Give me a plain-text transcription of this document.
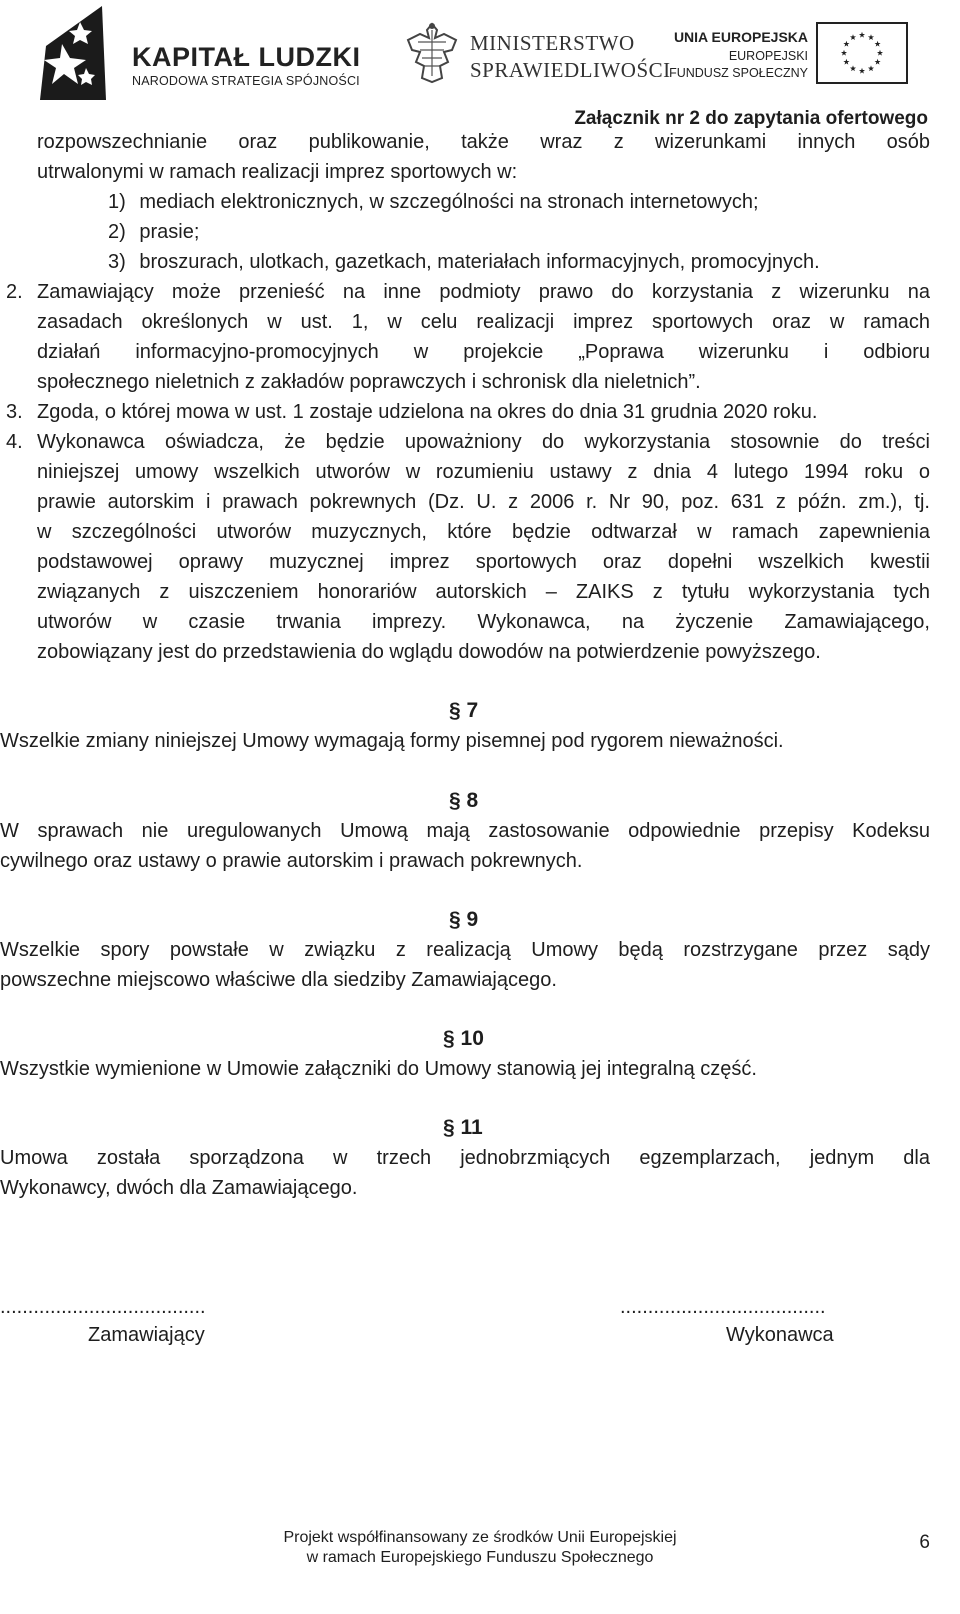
KAPITAŁ LUDZKI
NARODOWA STRATEGIA SPÓJNOŚCI
MINISTERSTWO
SPRAWIEDLIWOŚCI
UNIA EUROPEJSKA
EUROPEJSKI
FUNDUSZ SPOŁECZNY
Załącznik nr 2 do zapytania ofertowego
rozpowszechnianie oraz publikowanie, także wraz z wizerunkami innych osób
utrwalonymi w ramach realizacji imprez sportowych w:
1) mediach elektronicznych, w szczególności na stronach internetowych;
2) prasie;
3) broszurach, ulotkach, gazetkach, materiałach informacyjnych, promocyjnych.
2. Zamawiający może przenieść na inne podmioty prawo do korzystania z wizerunku na
zasadach określonych w ust. 1, w celu realizacji imprez sportowych oraz w ramach
działań informacyjno-promocyjnych w projekcie „Poprawa wizerunku i odbioru
społecznego nieletnich z zakładów poprawczych i schronisk dla nieletnich”.
3. Zgoda, o której mowa w ust. 1 zostaje udzielona na okres do dnia 31 grudnia 2020 roku.
4. Wykonawca oświadcza, że będzie upoważniony do wykorzystania stosownie do treści
niniejszej umowy wszelkich utworów w rozumieniu ustawy z dnia 4 lutego 1994 roku o
prawie autorskim i prawach pokrewnych (Dz. U. z 2006 r. Nr 90, poz. 631 z późn. zm.), tj.
w szczególności utworów muzycznych, które będzie odtwarzał w ramach zapewnienia
podstawowej oprawy muzycznej imprez sportowych oraz dopełni wszelkich kwestii
związanych z uiszczeniem honorariów autorskich – ZAIKS z tytułu wykorzystania tych
utworów w czasie trwania imprezy. Wykonawca, na życzenie Zamawiającego,
zobowiązany jest do przedstawienia do wglądu dowodów na potwierdzenie powyższego.
§ 7
Wszelkie zmiany niniejszej Umowy wymagają formy pisemnej pod rygorem nieważności.
§ 8
W sprawach nie uregulowanych Umową mają zastosowanie odpowiednie przepisy Kodeksu
cywilnego oraz ustawy o prawie autorskim i prawach pokrewnych.
§ 9
Wszelkie spory powstałe w związku z realizacją Umowy będą rozstrzygane przez sądy
powszechne miejscowo właściwe dla siedziby Zamawiającego.
§ 10
Wszystkie wymienione w Umowie załączniki do Umowy stanowią jej integralną część.
§ 11
Umowa została sporządzona w trzech jednobrzmiących egzemplarzach, jednym dla
Wykonawcy, dwóch dla Zamawiającego.
.....................................	.....................................
Zamawiający	Wykonawca
Projekt współfinansowany ze środków Unii Europejskiej
w ramach Europejskiego Funduszu Społecznego
6
